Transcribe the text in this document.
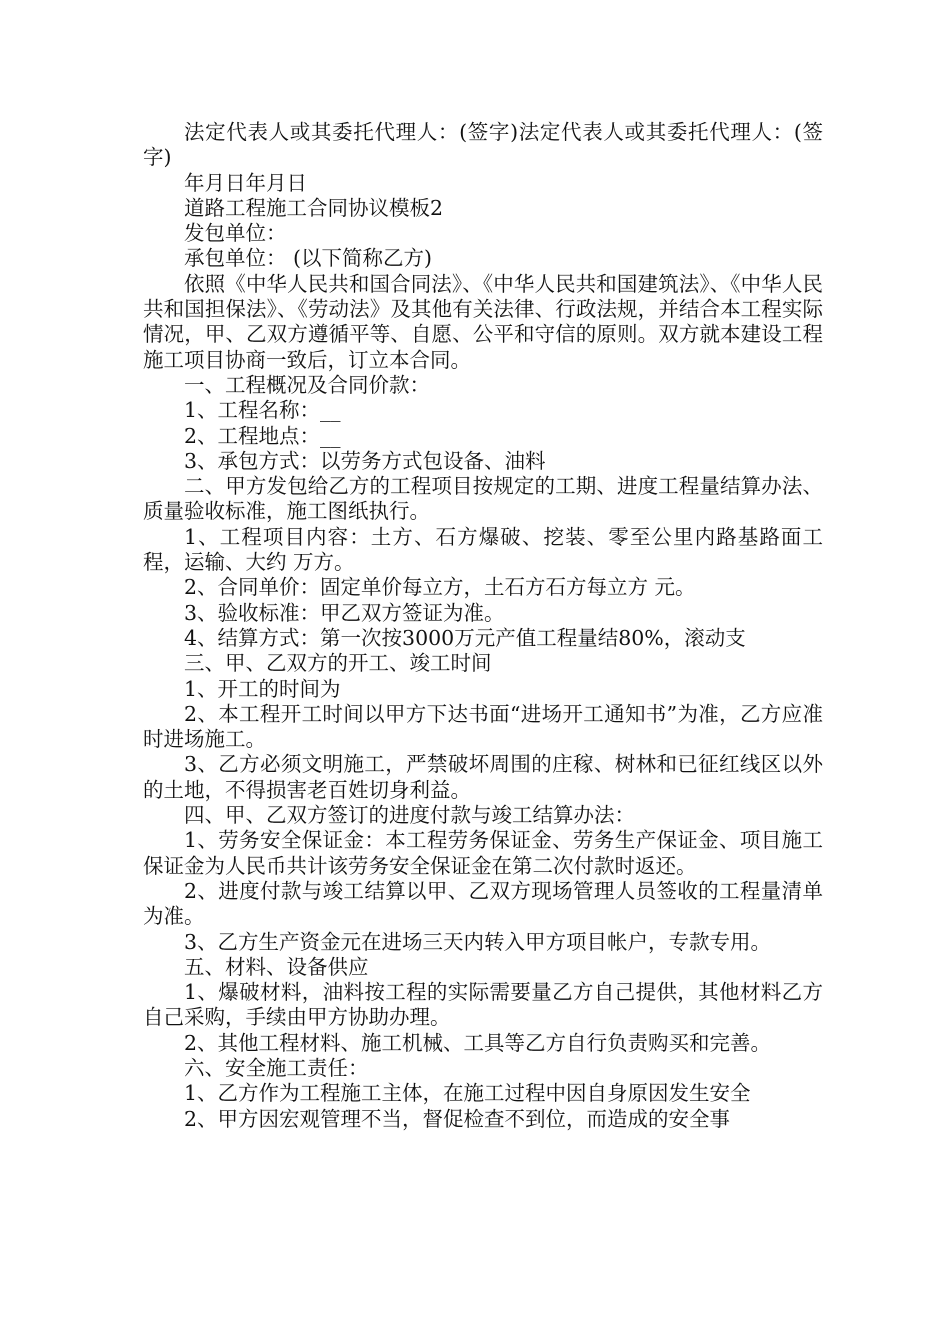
法定代表人或其委托代理人：(签字)法定代表人或其委托代理人：(签字)

年月日年月日

道路工程施工合同协议模板2

发包单位：

承包单位： (以下简称乙方)

依照《中华人民共和国合同法》、《中华人民共和国建筑法》、《中华人民共和国担保法》、《劳动法》及其他有关法律、行政法规，并结合本工程实际情况，甲、乙双方遵循平等、自愿、公平和守信的原则。双方就本建设工程施工项目协商一致后，订立本合同。

一、工程概况及合同价款：

1、工程名称：__

2、工程地点：__

3、承包方式：以劳务方式包设备、油料

二、甲方发包给乙方的工程项目按规定的工期、进度工程量结算办法、质量验收标准，施工图纸执行。

1、工程项目内容：土方、石方爆破、挖装、零至公里内路基路面工程，运输、大约 万方。

2、合同单价：固定单价每立方，土石方石方每立方 元。

3、验收标准：甲乙双方签证为准。

4、结算方式：第一次按3000万元产值工程量结80%，滚动支

三、甲、乙双方的开工、竣工时间

1、开工的时间为

2、本工程开工时间以甲方下达书面“进场开工通知书”为准，乙方应准时进场施工。

3、乙方必须文明施工，严禁破坏周围的庄稼、树林和已征红线区以外的土地，不得损害老百姓切身利益。

四、甲、乙双方签订的进度付款与竣工结算办法：

1、劳务安全保证金：本工程劳务保证金、劳务生产保证金、项目施工保证金为人民币共计该劳务安全保证金在第二次付款时返还。

2、进度付款与竣工结算以甲、乙双方现场管理人员签收的工程量清单为准。

3、乙方生产资金元在进场三天内转入甲方项目帐户，专款专用。

五、材料、设备供应

1、爆破材料，油料按工程的实际需要量乙方自己提供，其他材料乙方自己采购，手续由甲方协助办理。

2、其他工程材料、施工机械、工具等乙方自行负责购买和完善。

六、安全施工责任：

1、乙方作为工程施工主体，在施工过程中因自身原因发生安全

2、甲方因宏观管理不当，督促检查不到位，而造成的安全事
